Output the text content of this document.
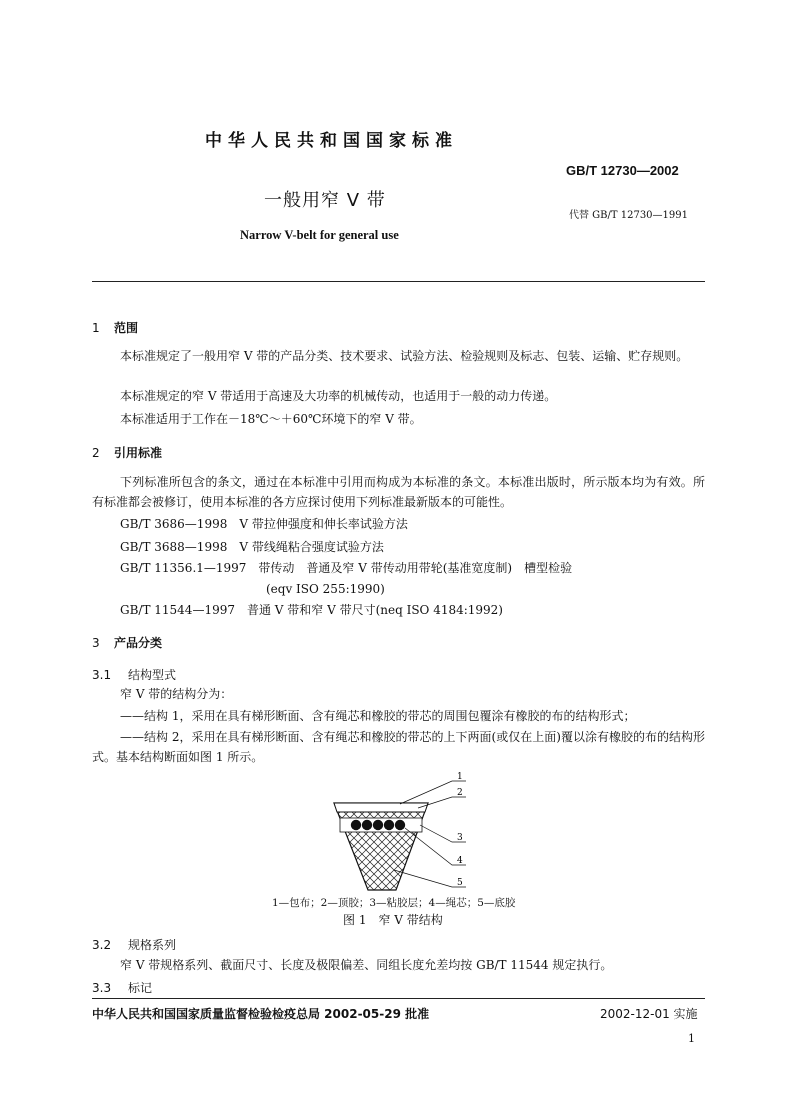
中华人民共和国国家标准
GB/T 12730—2002
一般用窄 V 带
代替 GB/T 12730—1991
Narrow V-belt for general use
1 范围
本标准规定了一般用窄 V 带的产品分类、技术要求、试验方法、检验规则及标志、包装、运输、贮存规则。
本标准规定的窄 V 带适用于高速及大功率的机械传动，也适用于一般的动力传递。
本标准适用于工作在－18℃～＋60℃环境下的窄 V 带。
2 引用标准
下列标准所包含的条文，通过在本标准中引用而构成为本标准的条文。本标准出版时，所示版本均为有效。所有标准都会被修订，使用本标准的各方应探讨使用下列标准最新版本的可能性。
GB/T 3686—1998　V 带拉伸强度和伸长率试验方法
GB/T 3688—1998　V 带线绳粘合强度试验方法
GB/T 11356.1—1997　带传动　普通及窄 V 带传动用带轮(基准宽度制)　槽型检验
(eqv ISO 255:1990)
GB/T 11544—1997　普通 V 带和窄 V 带尺寸(neq ISO 4184:1992)
3 产品分类
3.1 结构型式
窄 V 带的结构分为：
——结构 1，采用在具有梯形断面、含有绳芯和橡胶的带芯的周围包覆涂有橡胶的布的结构形式；
——结构 2，采用在具有梯形断面、含有绳芯和橡胶的带芯的上下两面(或仅在上面)覆以涂有橡胶的布的结构形式。基本结构断面如图 1 所示。
1
2
3
4
5
1—包布；2—顶胶；3—粘胶层；4—绳芯；5—底胶
图 1　窄 V 带结构
3.2 规格系列
窄 V 带规格系列、截面尺寸、长度及极限偏差、同组长度允差均按 GB/T 11544 规定执行。
3.3 标记
中华人民共和国国家质量监督检验检疫总局 2002-05-29 批准	2002-12-01 实施
1
